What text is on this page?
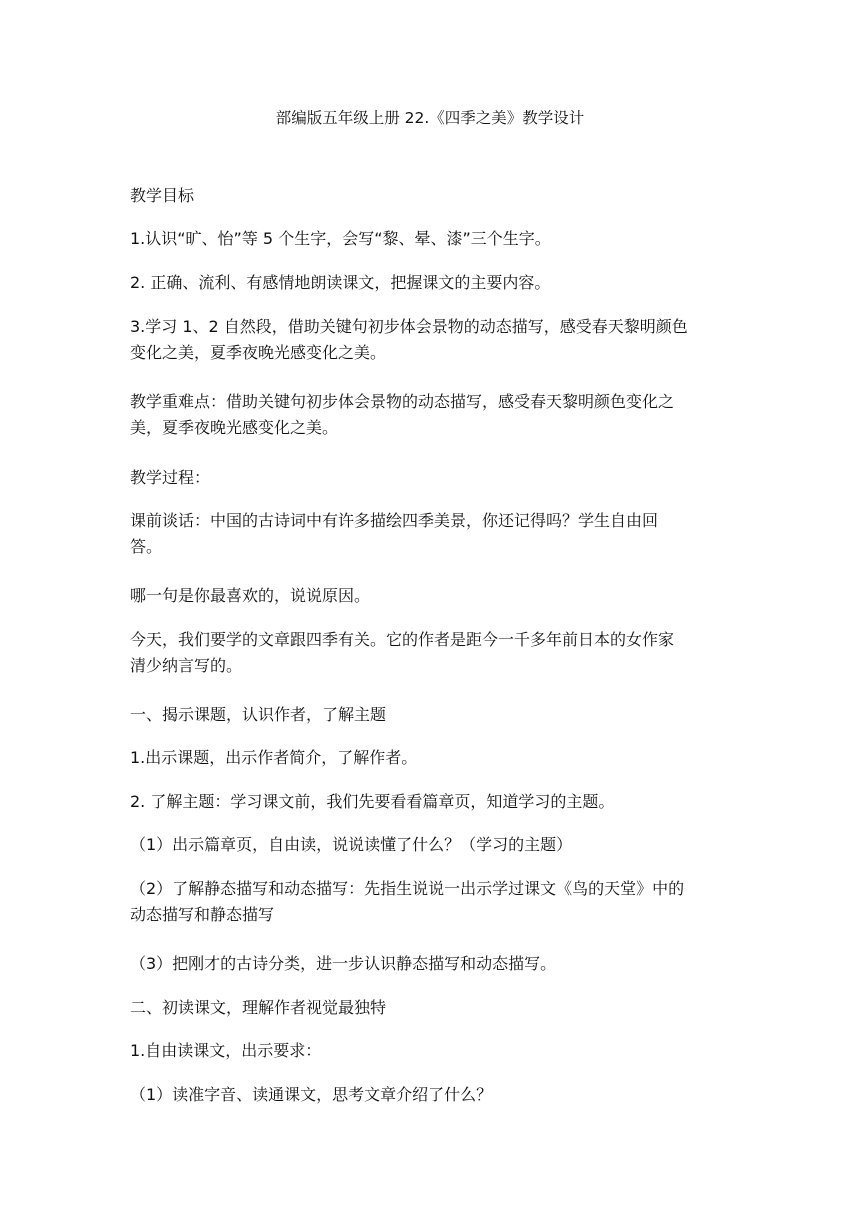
部编版五年级上册 22.《四季之美》教学设计
教学目标
1.认识“旷、怡”等 5 个生字，会写“黎、晕、漆”三个生字。
2. 正确、流利、有感情地朗读课文，把握课文的主要内容。
3.学习 1、2 自然段，借助关键句初步体会景物的动态描写，感受春天黎明颜色
变化之美，夏季夜晚光感变化之美。
教学重难点：借助关键句初步体会景物的动态描写，感受春天黎明颜色变化之
美，夏季夜晚光感变化之美。
教学过程：
课前谈话：中国的古诗词中有许多描绘四季美景，你还记得吗？学生自由回
答。
哪一句是你最喜欢的，说说原因。
今天，我们要学的文章跟四季有关。它的作者是距今一千多年前日本的女作家
清少纳言写的。
一、揭示课题，认识作者，了解主题
1.出示课题，出示作者简介，了解作者。
2. 了解主题：学习课文前，我们先要看看篇章页，知道学习的主题。
（1）出示篇章页，自由读，说说读懂了什么？（学习的主题）
（2）了解静态描写和动态描写：先指生说说一出示学过课文《鸟的天堂》中的
动态描写和静态描写
（3）把刚才的古诗分类，进一步认识静态描写和动态描写。
二、初读课文，理解作者视觉最独特
1.自由读课文，出示要求：
（1）读准字音、读通课文，思考文章介绍了什么？
